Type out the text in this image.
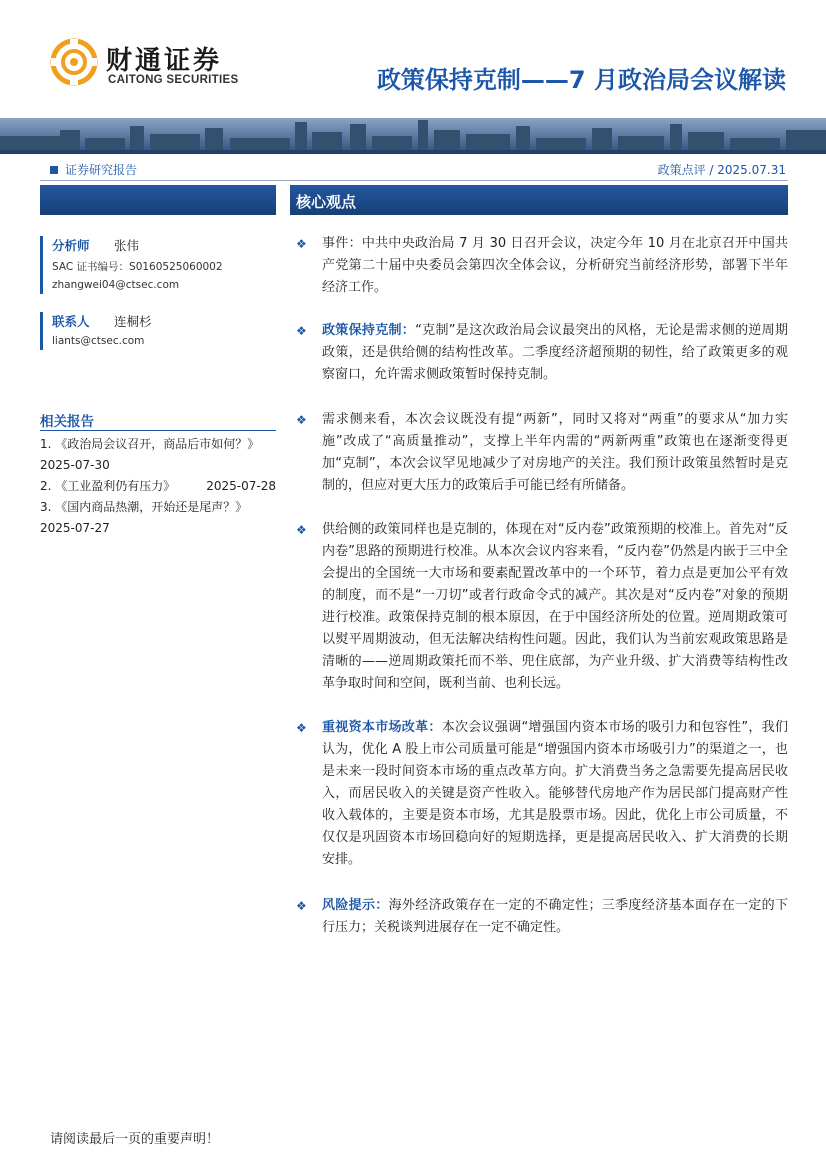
财通证券
CAITONG SECURITIES	政策保持克制——7 月政治局会议解读
证券研究报告	政策点评 / 2025.07.31
分析师	张伟
SAC 证书编号：S0160525060002
zhangwei04@ctsec.com
联系人	连桐杉
liants@ctsec.com
相关报告
1. 《政治局会议召开，商品后市如何？》
2025-07-30
2. 《工业盈利仍有压力》	2025-07-28
3. 《国内商品热潮，开始还是尾声？》
2025-07-27
核心观点
❖	事件：中共中央政治局 7 月 30 日召开会议，决定今年 10 月在北京召开中国共产党第二十届中央委员会第四次全体会议，分析研究当前经济形势，部署下半年经济工作。
❖	政策保持克制：“克制”是这次政治局会议最突出的风格，无论是需求侧的逆周期政策，还是供给侧的结构性改革。二季度经济超预期的韧性，给了政策更多的观察窗口，允许需求侧政策暂时保持克制。
❖	需求侧来看，本次会议既没有提“两新”，同时又将对“两重”的要求从“加力实施”改成了“高质量推动”，支撑上半年内需的“两新两重”政策也在逐渐变得更加“克制”，本次会议罕见地减少了对房地产的关注。我们预计政策虽然暂时是克制的，但应对更大压力的政策后手可能已经有所储备。
❖	供给侧的政策同样也是克制的，体现在对“反内卷”政策预期的校准上。首先对“反内卷”思路的预期进行校准。从本次会议内容来看，“反内卷”仍然是内嵌于三中全会提出的全国统一大市场和要素配置改革中的一个环节，着力点是更加公平有效的制度，而不是“一刀切”或者行政命令式的减产。其次是对“反内卷”对象的预期进行校准。政策保持克制的根本原因，在于中国经济所处的位置。逆周期政策可以熨平周期波动，但无法解决结构性问题。因此，我们认为当前宏观政策思路是清晰的——逆周期政策托而不举、兜住底部，为产业升级、扩大消费等结构性改革争取时间和空间，既利当前、也利长远。
❖	重视资本市场改革：本次会议强调“增强国内资本市场的吸引力和包容性”，我们认为，优化 A 股上市公司质量可能是“增强国内资本市场吸引力”的渠道之一，也是未来一段时间资本市场的重点改革方向。扩大消费当务之急需要先提高居民收入，而居民收入的关键是资产性收入。能够替代房地产作为居民部门提高财产性收入载体的，主要是资本市场，尤其是股票市场。因此，优化上市公司质量，不仅仅是巩固资本市场回稳向好的短期选择，更是提高居民收入、扩大消费的长期安排。
❖	风险提示：海外经济政策存在一定的不确定性；三季度经济基本面存在一定的下行压力；关税谈判进展存在一定不确定性。
请阅读最后一页的重要声明！
